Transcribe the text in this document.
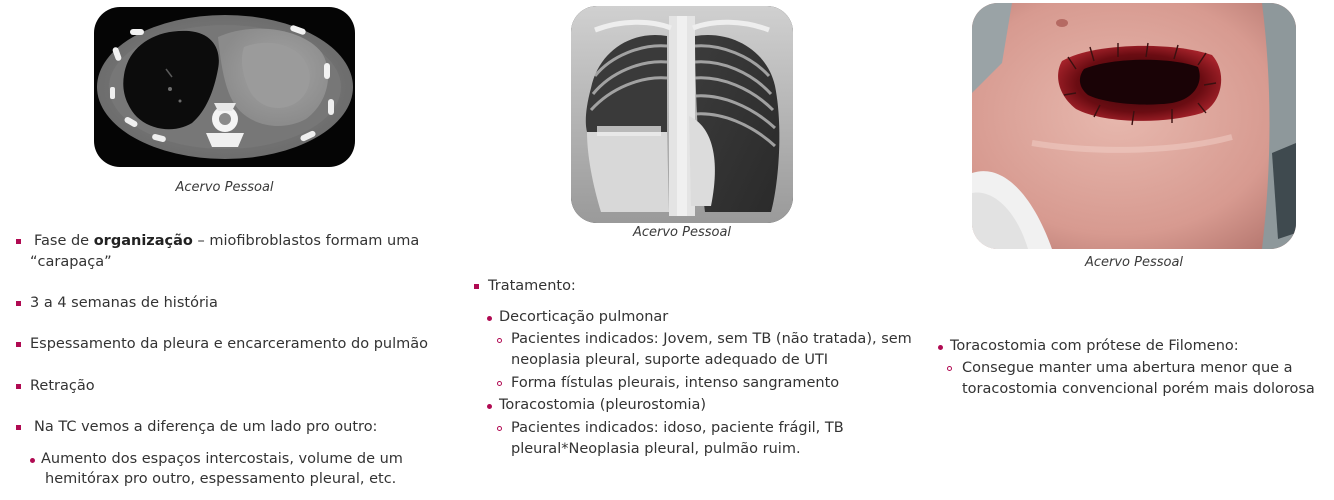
Acervo Pessoal
Acervo Pessoal
Acervo Pessoal
Fase de organização – miofibroblastos formam uma
“carapaça”
3 a 4 semanas de história
Espessamento da pleura e encarceramento do pulmão
Retração
Na TC vemos a diferença de um lado pro outro:
Aumento dos espaços intercostais, volume de um
hemitórax pro outro, espessamento pleural, etc.
Tratamento:
Decorticação pulmonar
Pacientes indicados: Jovem, sem TB (não tratada), sem
neoplasia pleural, suporte adequado de UTI
Forma fístulas pleurais, intenso sangramento
Toracostomia (pleurostomia)
Pacientes indicados: idoso, paciente frágil, TB
pleural*Neoplasia pleural, pulmão ruim.
Toracostomia com prótese de Filomeno:
Consegue manter uma abertura menor que a
toracostomia convencional porém mais dolorosa
